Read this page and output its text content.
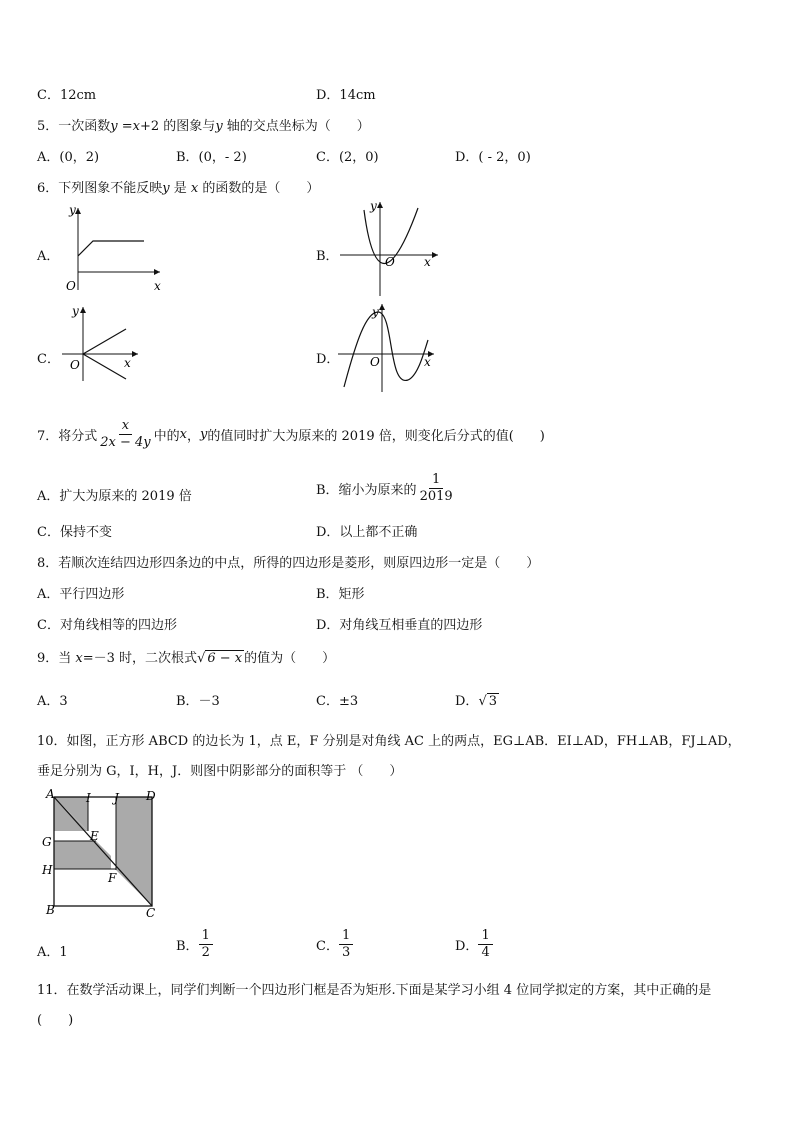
C．12cm	D．14cm
5．一次函数y =x+2 的图象与y 轴的交点坐标为（　　）
A．(0，2)	B．(0，- 2)	C．(2，0)	D．( - 2，0)
6．下列图象不能反映y 是 x 的函数的是（　　）
A．
y
x
O
B．
y
x
O
C．
y
x
O	D．
y
x
O
7．将分式 $\frac{x}{2x - 4y}$ 中的 x ， y 的值同时扩大为原来的 2019 倍，则变化后分式的值(　　)
A．扩大为原来的 2019 倍	B．缩小为原来的 $\frac{1}{2019}$
C．保持不变	D．以上都不正确
8．若顺次连结四边形四条边的中点，所得的四边形是菱形，则原四边形一定是（　　）
A．平行四边形	B．矩形
C．对角线相等的四边形	D．对角线互相垂直的四边形
9．当 x=－3 时，二次根式√ 6 − x 的值为（　　）
A．3	B．－3	C．±3	D．√ 3
10．如图，正方形 ABCD 的边长为 1，点 E，F 分别是对角线 AC 上的两点，EG⊥AB．EI⊥AD，FH⊥AB，FJ⊥AD，
垂足分别为 G，I，H，J．则图中阴影部分的面积等于 （　　）
A	I J D
E
G
H
F
B	C
A．1	B． $\frac{1}{2}$	C． $\frac{1}{3}$	D． $\frac{1}{4}$
11．在数学活动课上，同学们判断一个四边形门框是否为矩形.下面是某学习小组 4 位同学拟定的方案，其中正确的是
(　　)
